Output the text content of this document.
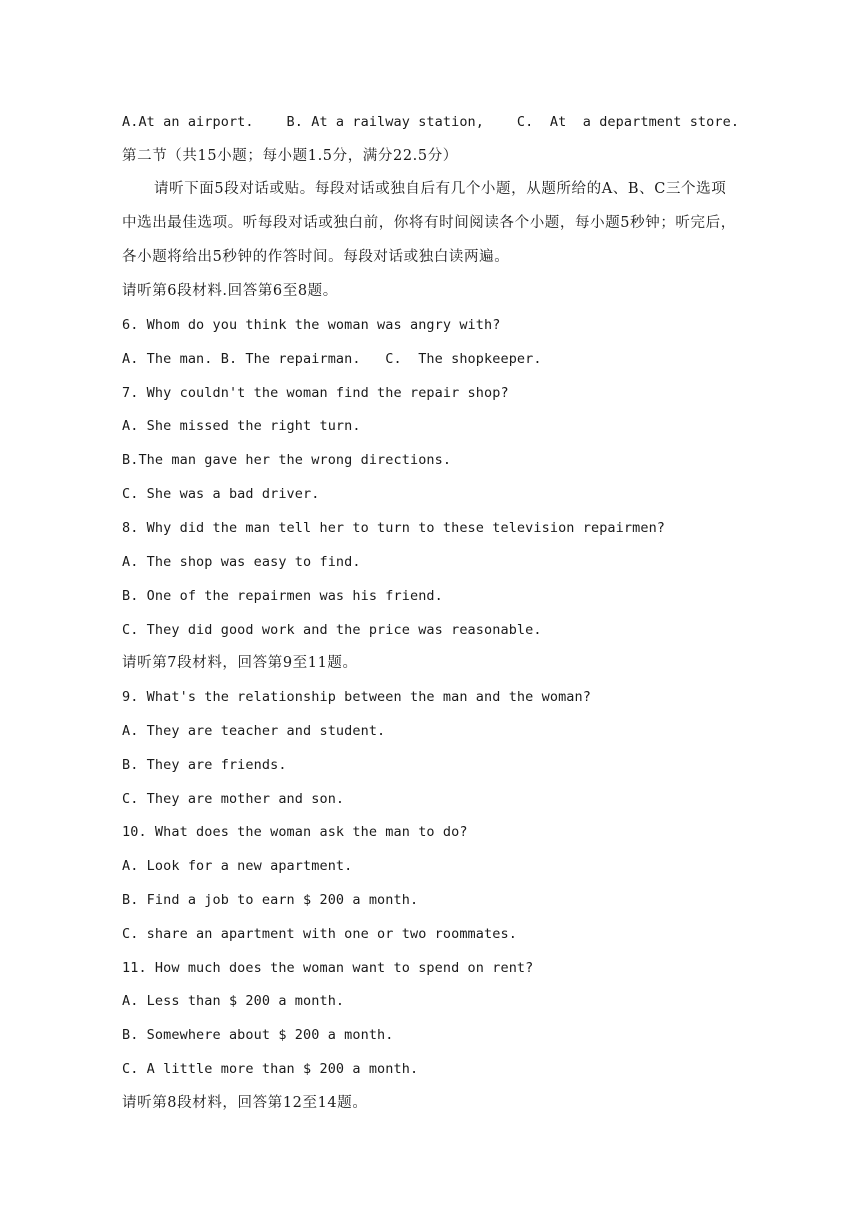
A.At an airport.    B. At a railway station,    C.  At  a department store.
第二节（共15小题；每小题1.5分，满分22.5分）
请听下面5段对话或贴。每段对话或独自后有几个小题，从题所给的A、B、C三个选项
中选出最佳选项。听每段对话或独白前，你将有时间阅读各个小题，每小题5秒钟；听完后，
各小题将给出5秒钟的作答时间。每段对话或独白读两遍。
请听第6段材料.回答第6至8题。
6. Whom do you think the woman was angry with?
A. The man. B. The repairman.   C.  The shopkeeper.
7. Why couldn't the woman find the repair shop?
A. She missed the right turn.
B.The man gave her the wrong directions.
C. She was a bad driver.
8. Why did the man tell her to turn to these television repairmen?
A. The shop was easy to find.
B. One of the repairmen was his friend.
C. They did good work and the price was reasonable.
请听第7段材料，回答第9至11题。
9. What's the relationship between the man and the woman?
A. They are teacher and student.
B. They are friends.
C. They are mother and son.
10. What does the woman ask the man to do?
A. Look for a new apartment.
B. Find a job to earn $ 200 a month.
C. share an apartment with one or two roommates.
11. How much does the woman want to spend on rent?
A. Less than $ 200 a month.
B. Somewhere about $ 200 a month.
C. A little more than $ 200 a month.
请听第8段材料，回答第12至14题。
